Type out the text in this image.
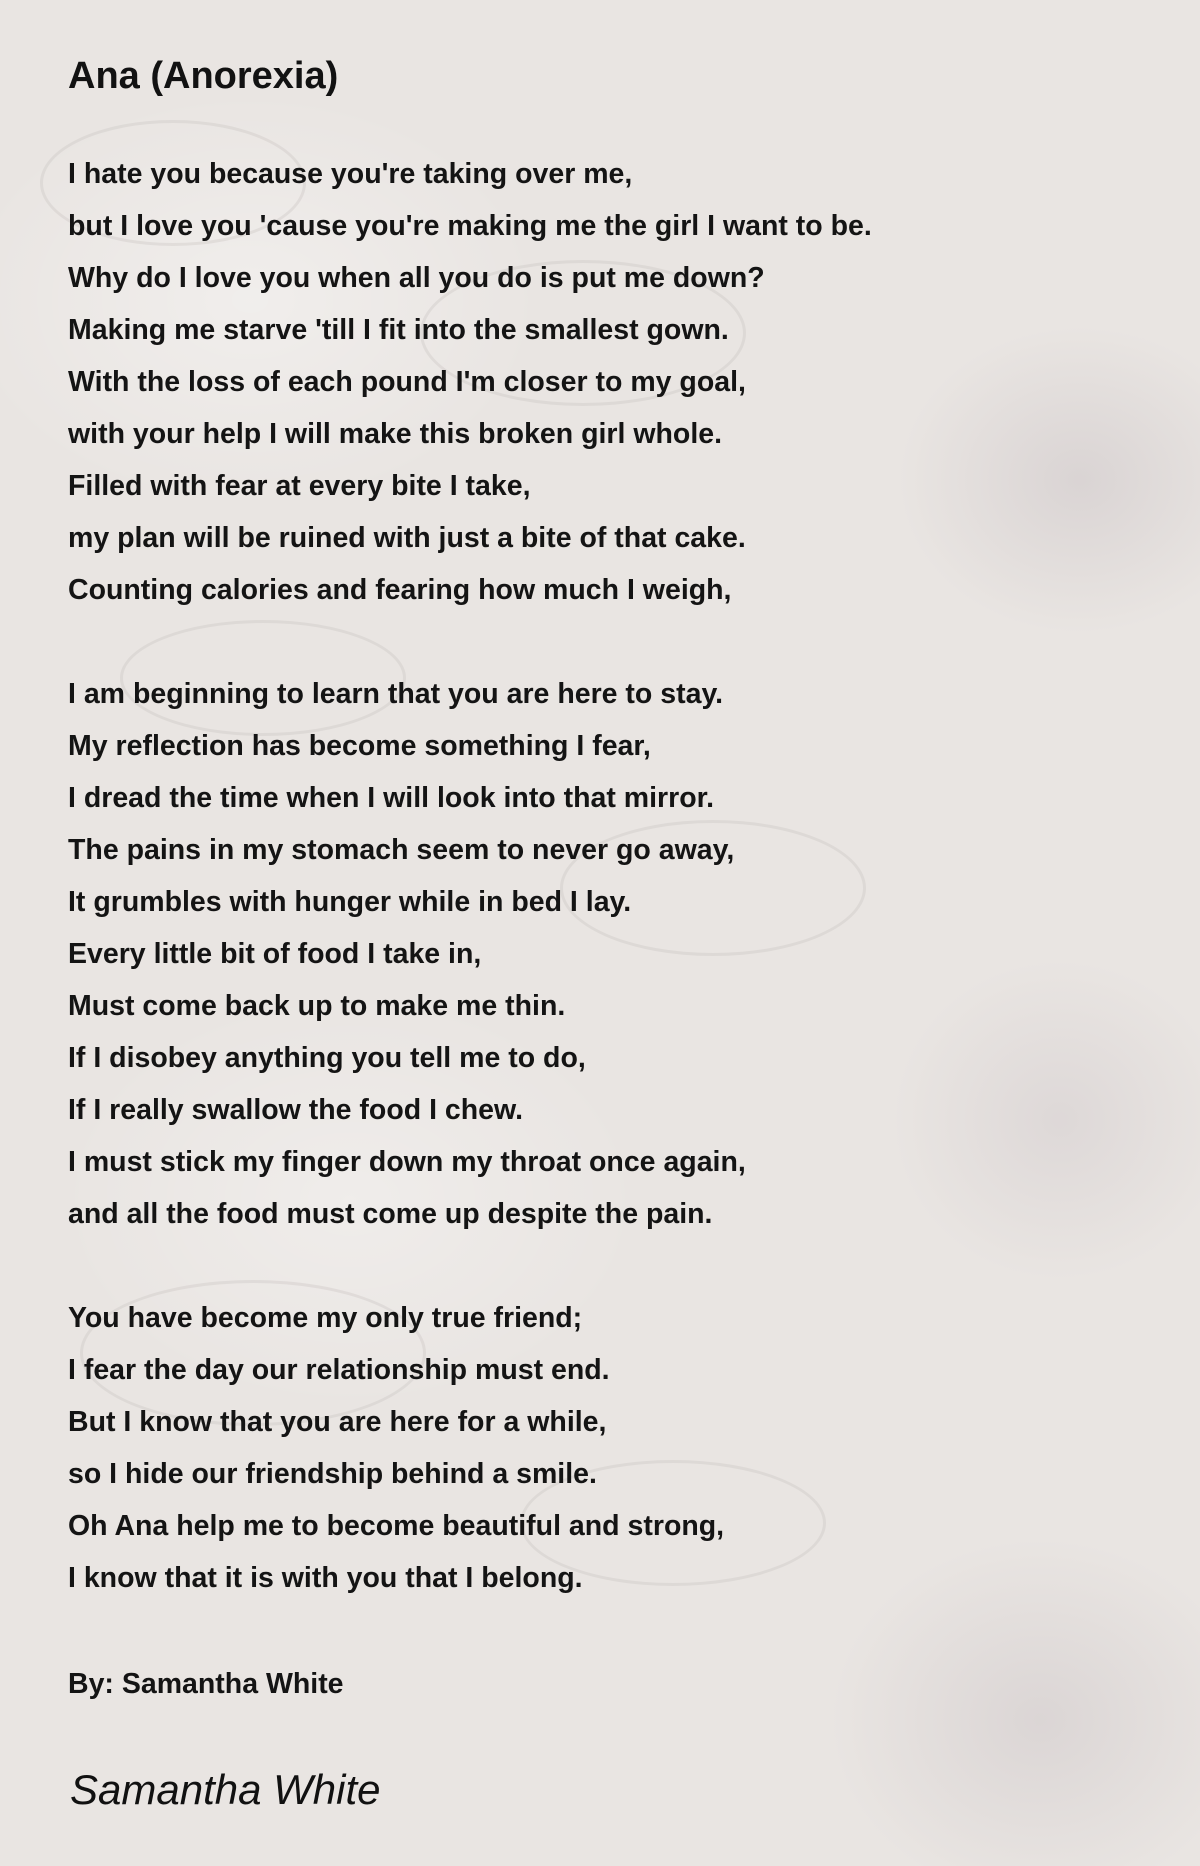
Ana (Anorexia)
I hate you because you're taking over me,
but I love you 'cause you're making me the girl I want to be.
Why do I love you when all you do is put me down?
Making me starve 'till I fit into the smallest gown.
With the loss of each pound I'm closer to my goal,
with your help I will make this broken girl whole.
Filled with fear at every bite I take,
my plan will be ruined with just a bite of that cake.
Counting calories and fearing how much I weigh,
I am beginning to learn that you are here to stay.
My reflection has become something I fear,
I dread the time when I will look into that mirror.
The pains in my stomach seem to never go away,
It grumbles with hunger while in bed I lay.
Every little bit of food I take in,
Must come back up to make me thin.
If I disobey anything you tell me to do,
If I really swallow the food I chew.
I must stick my finger down my throat once again,
and all the food must come up despite the pain.
You have become my only true friend;
I fear the day our relationship must end.
But I know that you are here for a while,
so I hide our friendship behind a smile.
Oh Ana help me to become beautiful and strong,
I know that it is with you that I belong.
By: Samantha White
Samantha White
